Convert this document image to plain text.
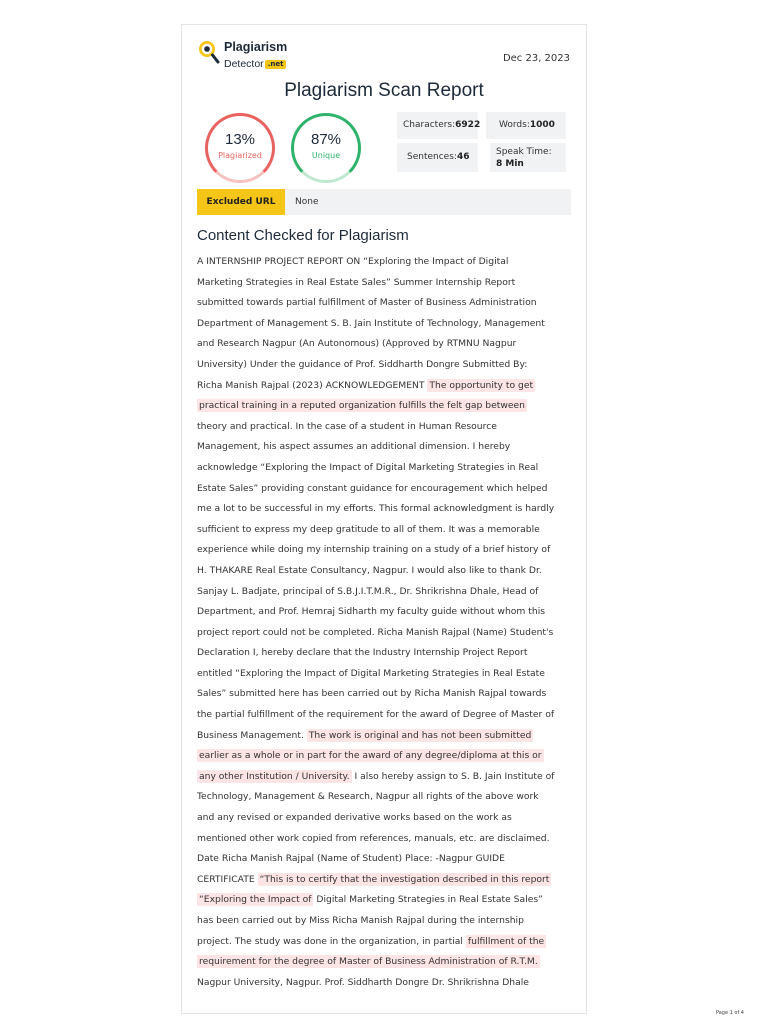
Plagiarism
Detector .net	Dec 23, 2023
Plagiarism Scan Report
13%
Plagiarized
87%
Unique
Characters:6922	Words:1000
Sentences:46	Speak Time:
8 Min
Excluded URL	None
Content Checked for Plagiarism
A INTERNSHIP PROJECT REPORT ON “Exploring the Impact of Digital
Marketing Strategies in Real Estate Sales” Summer Internship Report
submitted towards partial fulfillment of Master of Business Administration
Department of Management S. B. Jain Institute of Technology, Management
and Research Nagpur (An Autonomous) (Approved by RTMNU Nagpur
University) Under the guidance of Prof. Siddharth Dongre Submitted By:
Richa Manish Rajpal (2023) ACKNOWLEDGEMENT The opportunity to get
practical training in a reputed organization fulfills the felt gap between
theory and practical. In the case of a student in Human Resource
Management, his aspect assumes an additional dimension. I hereby
acknowledge “Exploring the Impact of Digital Marketing Strategies in Real
Estate Sales” providing constant guidance for encouragement which helped
me a lot to be successful in my efforts. This formal acknowledgment is hardly
sufficient to express my deep gratitude to all of them. It was a memorable
experience while doing my internship training on a study of a brief history of
H. THAKARE Real Estate Consultancy, Nagpur. I would also like to thank Dr.
Sanjay L. Badjate, principal of S.B.J.I.T.M.R., Dr. Shrikrishna Dhale, Head of
Department, and Prof. Hemraj Sidharth my faculty guide without whom this
project report could not be completed. Richa Manish Rajpal (Name) Student's
Declaration I, hereby declare that the Industry Internship Project Report
entitled “Exploring the Impact of Digital Marketing Strategies in Real Estate
Sales” submitted here has been carried out by Richa Manish Rajpal towards
the partial fulfillment of the requirement for the award of Degree of Master of
Business Management. The work is original and has not been submitted
earlier as a whole or in part for the award of any degree/diploma at this or
any other Institution / University. I also hereby assign to S. B. Jain Institute of
Technology, Management & Research, Nagpur all rights of the above work
and any revised or expanded derivative works based on the work as
mentioned other work copied from references, manuals, etc. are disclaimed.
Date Richa Manish Rajpal (Name of Student) Place: -Nagpur GUIDE
CERTIFICATE “This is to certify that the investigation described in this report
“Exploring the Impact of Digital Marketing Strategies in Real Estate Sales”
has been carried out by Miss Richa Manish Rajpal during the internship
project. The study was done in the organization, in partial fulfillment of the
requirement for the degree of Master of Business Administration of R.T.M.
Nagpur University, Nagpur. Prof. Siddharth Dongre Dr. Shrikrishna Dhale
Page 1 of 4
